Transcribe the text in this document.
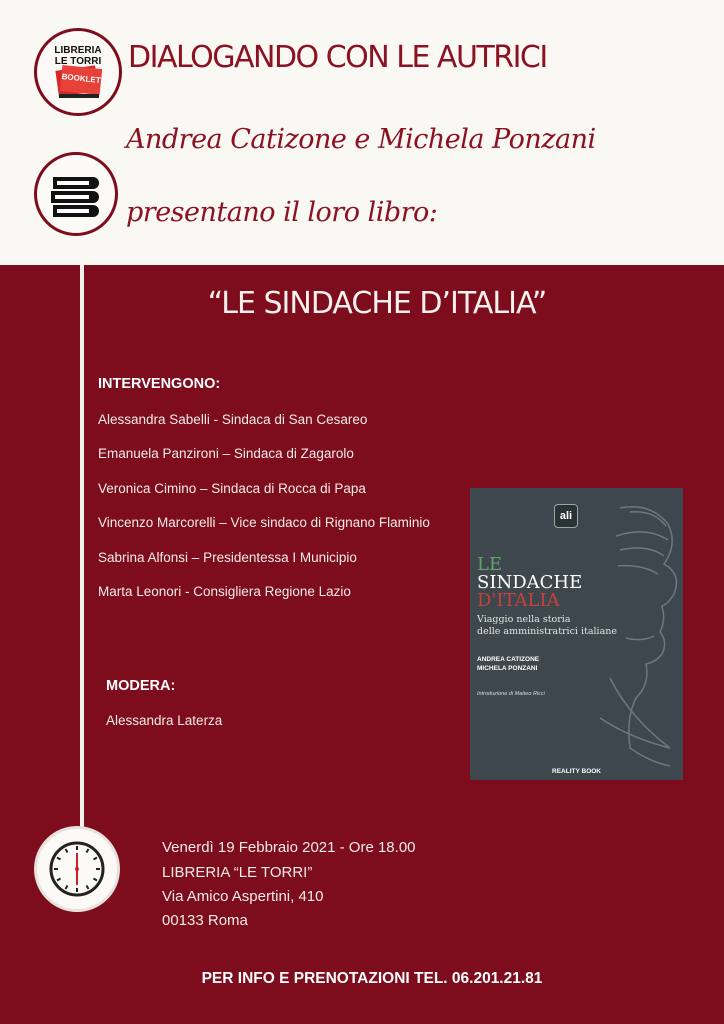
LIBRERIA
LE TORRI
BOOKLET
DIALOGANDO CON LE AUTRICI
Andrea Catizone e Michela Ponzani
presentano il loro libro:
“LE SINDACHE D’ITALIA”
INTERVENGONO:
Alessandra Sabelli - Sindaca di San Cesareo
Emanuela Panzironi – Sindaca di Zagarolo
Veronica Cimino – Sindaca di Rocca di Papa
Vincenzo Marcorelli – Vice sindaco di Rignano Flaminio
Sabrina Alfonsi – Presidentessa I Municipio
Marta Leonori - Consigliera Regione Lazio
MODERA:
Alessandra Laterza
ali
LE
SINDACHE
D'ITALIA
Viaggio nella storia
delle amministratrici italiane
ANDREA CATIZONE
MICHELA PONZANI
Introduzione di Matteo Ricci
REALITY BOOK
Venerdì 19 Febbraio 2021 - Ore 18.00
LIBRERIA “LE TORRI”
Via Amico Aspertini, 410
00133 Roma
PER INFO E PRENOTAZIONI TEL. 06.201.21.81
